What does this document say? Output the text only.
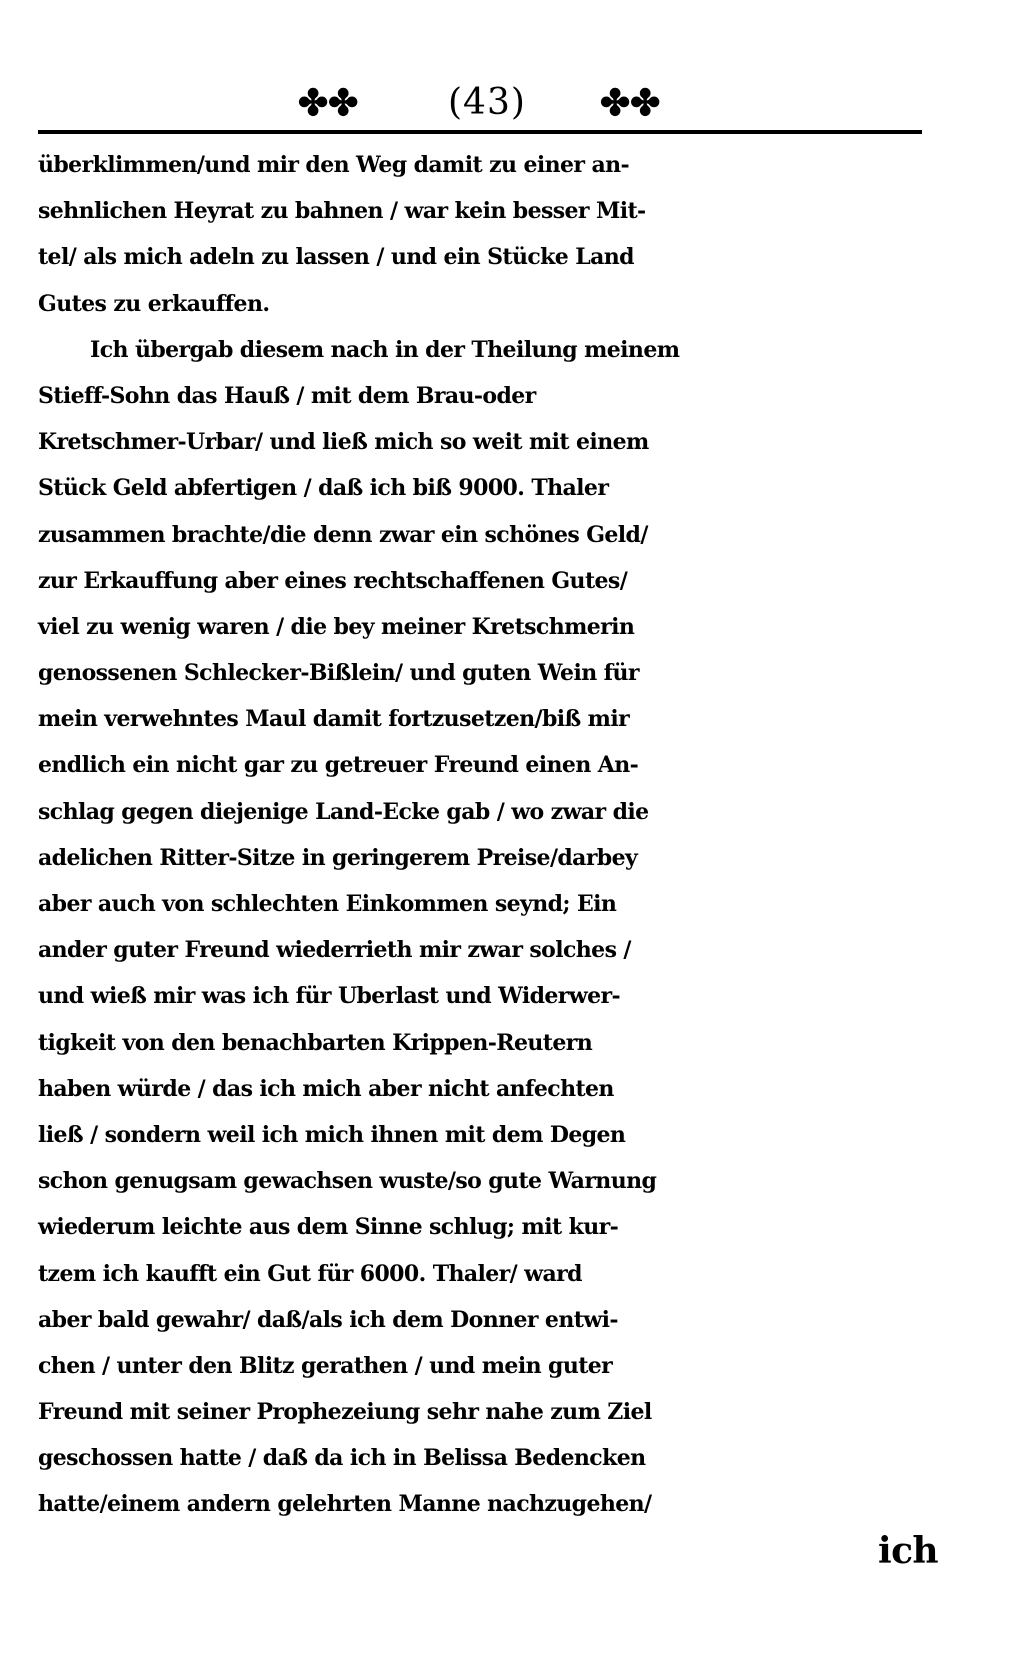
✤✤ (43) ✤✤
überklimmen/und mir den Weg damit zu einer an-
sehnlichen Heyrat zu bahnen / war kein besser Mit-
tel/ als mich adeln zu lassen / und ein Stücke Land
Gutes zu erkauffen.
Ich übergab diesem nach in der Theilung meinem
Stieff-Sohn das Hauß / mit dem Brau-oder
Kretschmer-Urbar/ und ließ mich so weit mit einem
Stück Geld abfertigen / daß ich biß 9000. Thaler
zusammen brachte/die denn zwar ein schönes Geld/
zur Erkauffung aber eines rechtschaffenen Gutes/
viel zu wenig waren / die bey meiner Kretschmerin
genossenen Schlecker-Bißlein/ und guten Wein für
mein verwehntes Maul damit fortzusetzen/biß mir
endlich ein nicht gar zu getreuer Freund einen An-
schlag gegen diejenige Land-Ecke gab / wo zwar die
adelichen Ritter-Sitze in geringerem Preise/darbey
aber auch von schlechten Einkommen seynd; Ein
ander guter Freund wiederrieth mir zwar solches /
und wieß mir was ich für Uberlast und Widerwer-
tigkeit von den benachbarten Krippen-Reutern
haben würde / das ich mich aber nicht anfechten
ließ / sondern weil ich mich ihnen mit dem Degen
schon genugsam gewachsen wuste/so gute Warnung
wiederum leichte aus dem Sinne schlug; mit kur-
tzem ich kaufft ein Gut für 6000. Thaler/ ward
aber bald gewahr/ daß/als ich dem Donner entwi-
chen / unter den Blitz gerathen / und mein guter
Freund mit seiner Prophezeiung sehr nahe zum Ziel
geschossen hatte / daß da ich in Belissa Bedencken
hatte/einem andern gelehrten Manne nachzugehen/
ich
